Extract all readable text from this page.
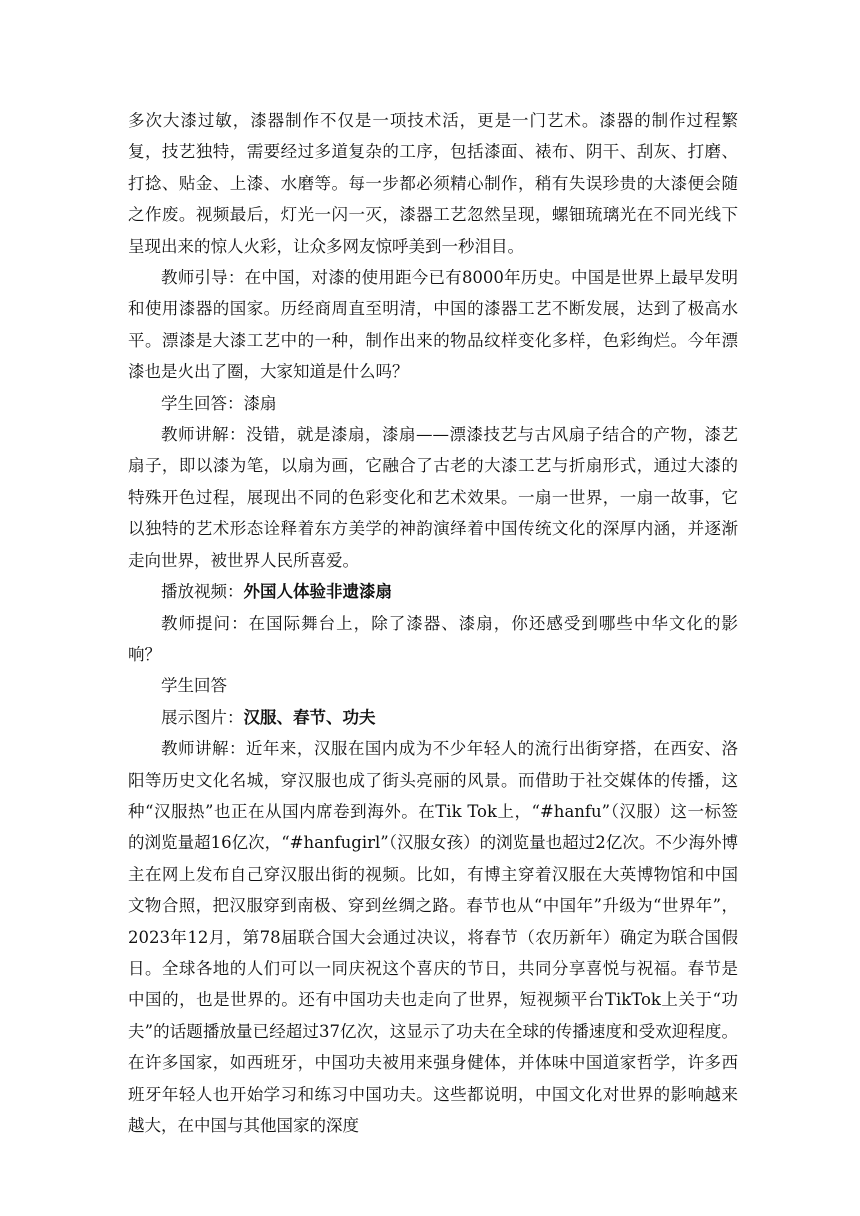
多次大漆过敏，漆器制作不仅是一项技术活，更是一门艺术。漆器的制作过程繁复，技艺独特，需要经过多道复杂的工序，包括漆面、裱布、阴干、刮灰、打磨、打捻、贴金、上漆、水磨等。每一步都必须精心制作，稍有失误珍贵的大漆便会随之作废。视频最后，灯光一闪一灭，漆器工艺忽然呈现，螺钿琉璃光在不同光线下呈现出来的惊人火彩，让众多网友惊呼美到一秒泪目。

教师引导：在中国，对漆的使用距今已有8000年历史。中国是世界上最早发明和使用漆器的国家。历经商周直至明清，中国的漆器工艺不断发展，达到了极高水平。漂漆是大漆工艺中的一种，制作出来的物品纹样变化多样，色彩绚烂。今年漂漆也是火出了圈，大家知道是什么吗？

学生回答：漆扇

教师讲解：没错，就是漆扇，漆扇——漂漆技艺与古风扇子结合的产物，漆艺扇子，即以漆为笔，以扇为画，它融合了古老的大漆工艺与折扇形式，通过大漆的特殊开色过程，展现出不同的色彩变化和艺术效果。一扇一世界，一扇一故事，它以独特的艺术形态诠释着东方美学的神韵演绎着中国传统文化的深厚内涵，并逐渐走向世界，被世界人民所喜爱。

播放视频：外国人体验非遗漆扇

教师提问：在国际舞台上，除了漆器、漆扇，你还感受到哪些中华文化的影响？

学生回答

展示图片：汉服、春节、功夫

教师讲解：近年来，汉服在国内成为不少年轻人的流行出街穿搭，在西安、洛阳等历史文化名城，穿汉服也成了街头亮丽的风景。而借助于社交媒体的传播，这种“汉服热”也正在从国内席卷到海外。在Tik Tok上，“#hanfu”（汉服）这一标签的浏览量超16亿次，“#hanfugirl”（汉服女孩）的浏览量也超过2亿次。不少海外博主在网上发布自己穿汉服出街的视频。比如，有博主穿着汉服在大英博物馆和中国文物合照，把汉服穿到南极、穿到丝绸之路。春节也从“中国年”升级为“世界年”，2023年12月，第78届联合国大会通过决议，将春节（农历新年）确定为联合国假日。全球各地的人们可以一同庆祝这个喜庆的节日，共同分享喜悦与祝福。春节是中国的，也是世界的。还有中国功夫也走向了世界，短视频平台TikTok上关于“功夫”的话题播放量已经超过37亿次，这显示了功夫在全球的传播速度和受欢迎程度。在许多国家，如西班牙，中国功夫被用来强身健体，并体味中国道家哲学，许多西班牙年轻人也开始学习和练习中国功夫。这些都说明，中国文化对世界的影响越来越大，在中国与其他国家的深度
